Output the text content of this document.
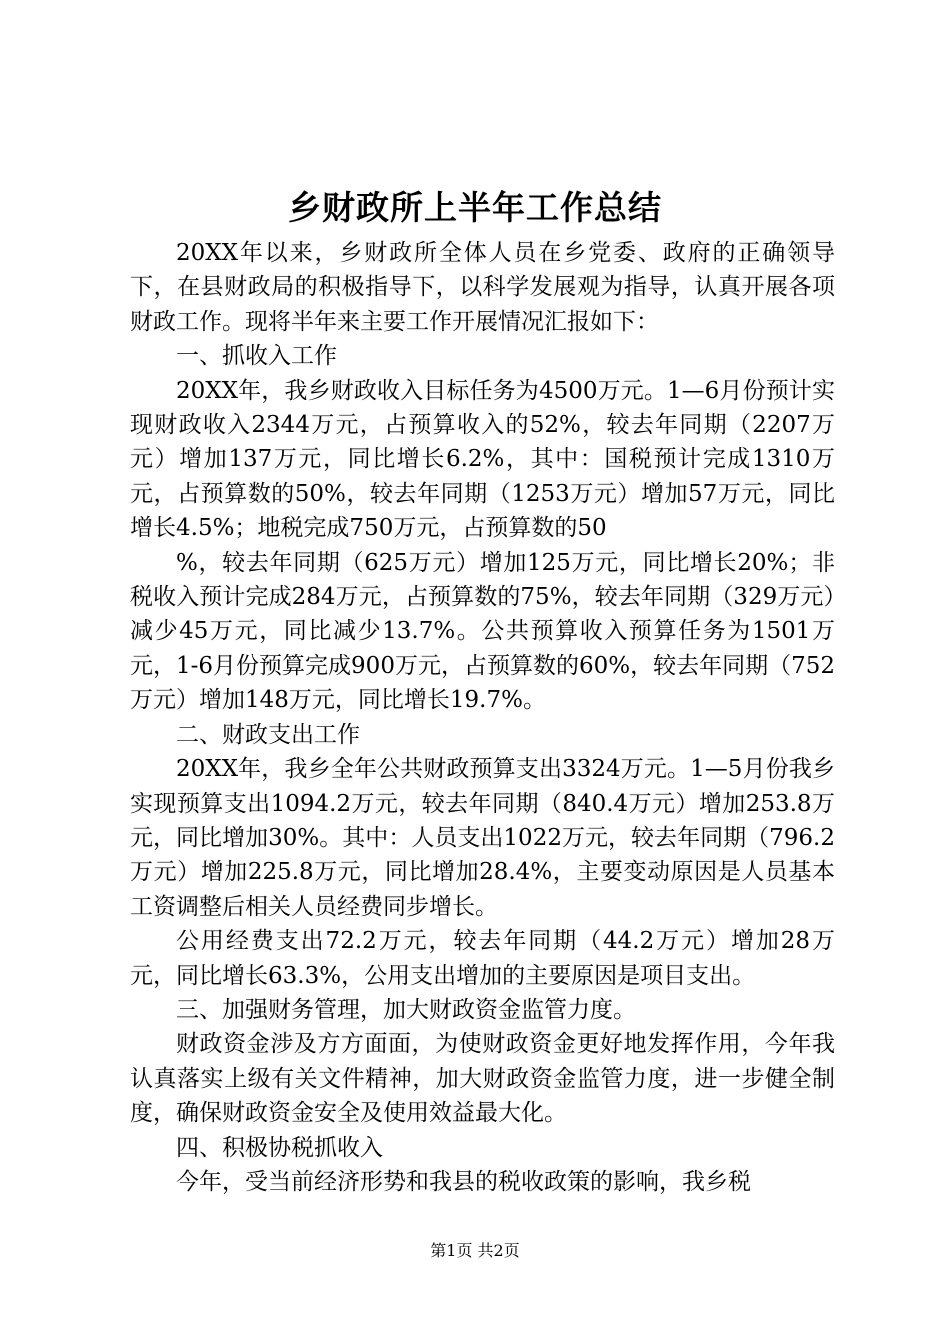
乡财政所上半年工作总结

20XX年以来，乡财政所全体人员在乡党委、政府的正确领导下，在县财政局的积极指导下，以科学发展观为指导，认真开展各项财政工作。现将半年来主要工作开展情况汇报如下：

一、抓收入工作

20XX年，我乡财政收入目标任务为4500万元。1—6月份预计实现财政收入2344万元，占预算收入的52%，较去年同期（2207万元）增加137万元，同比增长6.2%，其中：国税预计完成1310万元，占预算数的50%，较去年同期（1253万元）增加57万元，同比增长4.5%；地税完成750万元，占预算数的50

%，较去年同期（625万元）增加125万元，同比增长20%；非税收入预计完成284万元，占预算数的75%，较去年同期（329万元）减少45万元，同比减少13.7%。公共预算收入预算任务为1501万元，1-6月份预算完成900万元，占预算数的60%，较去年同期（752万元）增加148万元，同比增长19.7%。

二、财政支出工作

20XX年，我乡全年公共财政预算支出3324万元。1—5月份我乡实现预算支出1094.2万元，较去年同期（840.4万元）增加253.8万元，同比增加30%。其中：人员支出1022万元，较去年同期（796.2万元）增加225.8万元，同比增加28.4%，主要变动原因是人员基本工资调整后相关人员经费同步增长。

公用经费支出72.2万元，较去年同期（44.2万元）增加28万元，同比增长63.3%，公用支出增加的主要原因是项目支出。

三、加强财务管理，加大财政资金监管力度。

财政资金涉及方方面面，为使财政资金更好地发挥作用，今年我认真落实上级有关文件精神，加大财政资金监管力度，进一步健全制度，确保财政资金安全及使用效益最大化。

四、积极协税抓收入

今年，受当前经济形势和我县的税收政策的影响，我乡税

第1页 共2页
